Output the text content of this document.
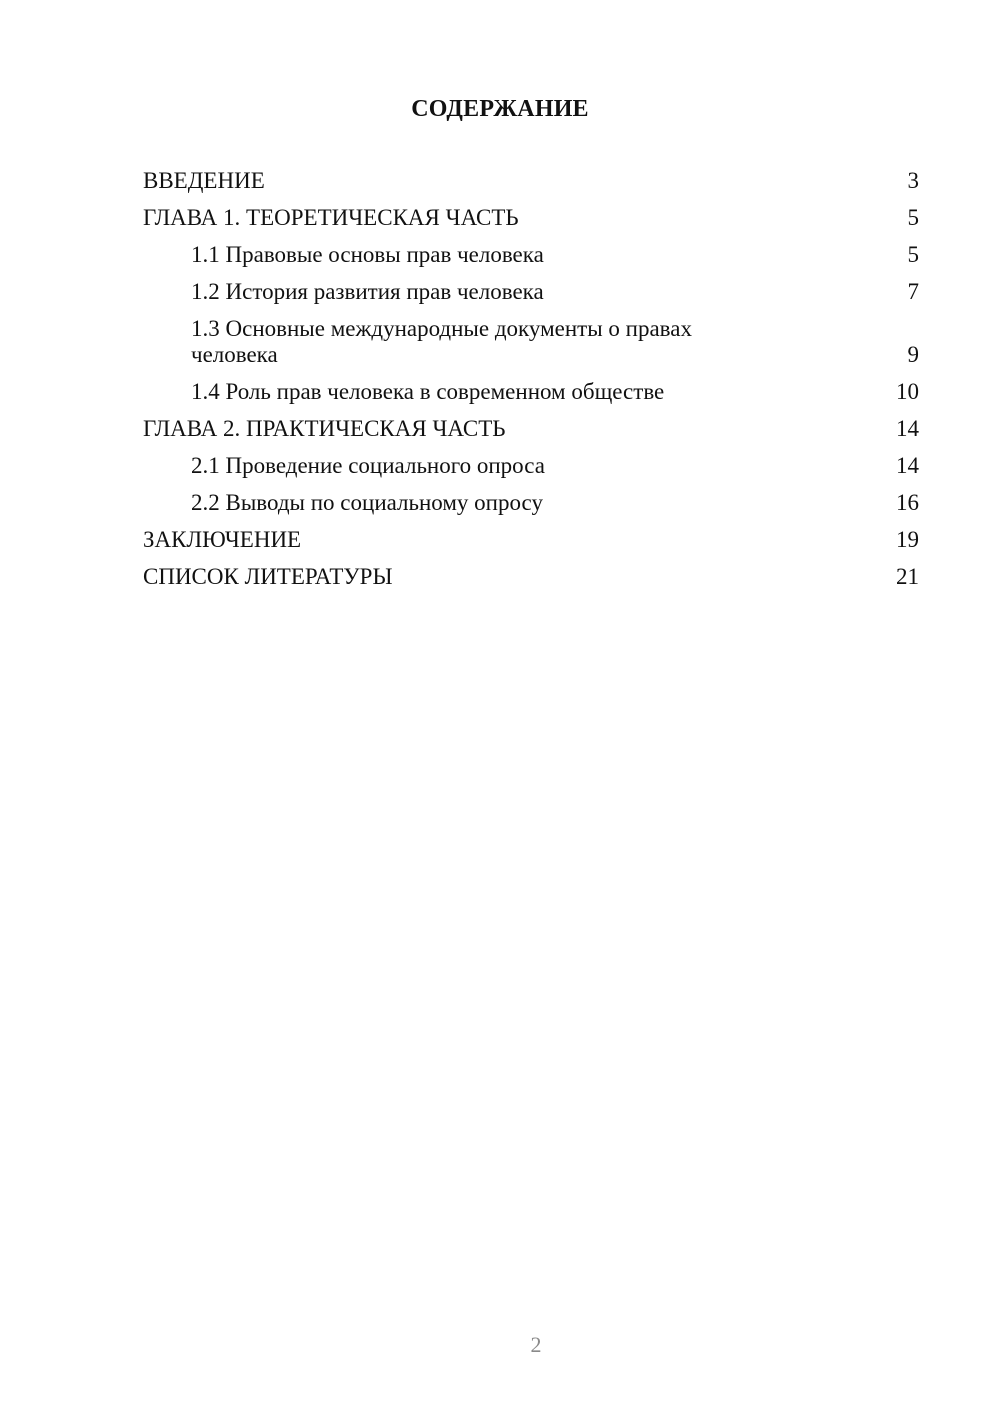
СОДЕРЖАНИЕ
ВВЕДЕНИЕ	3
ГЛАВА 1. ТЕОРЕТИЧЕСКАЯ ЧАСТЬ	5
1.1 Правовые основы прав человека	5
1.2 История развития прав человека	7
1.3 Основные международные документы о правах человека	9
1.4 Роль прав человека в современном обществе	10
ГЛАВА 2. ПРАКТИЧЕСКАЯ ЧАСТЬ	14
2.1 Проведение социального опроса	14
2.2 Выводы по социальному опросу	16
ЗАКЛЮЧЕНИЕ	19
СПИСОК ЛИТЕРАТУРЫ	21
2
